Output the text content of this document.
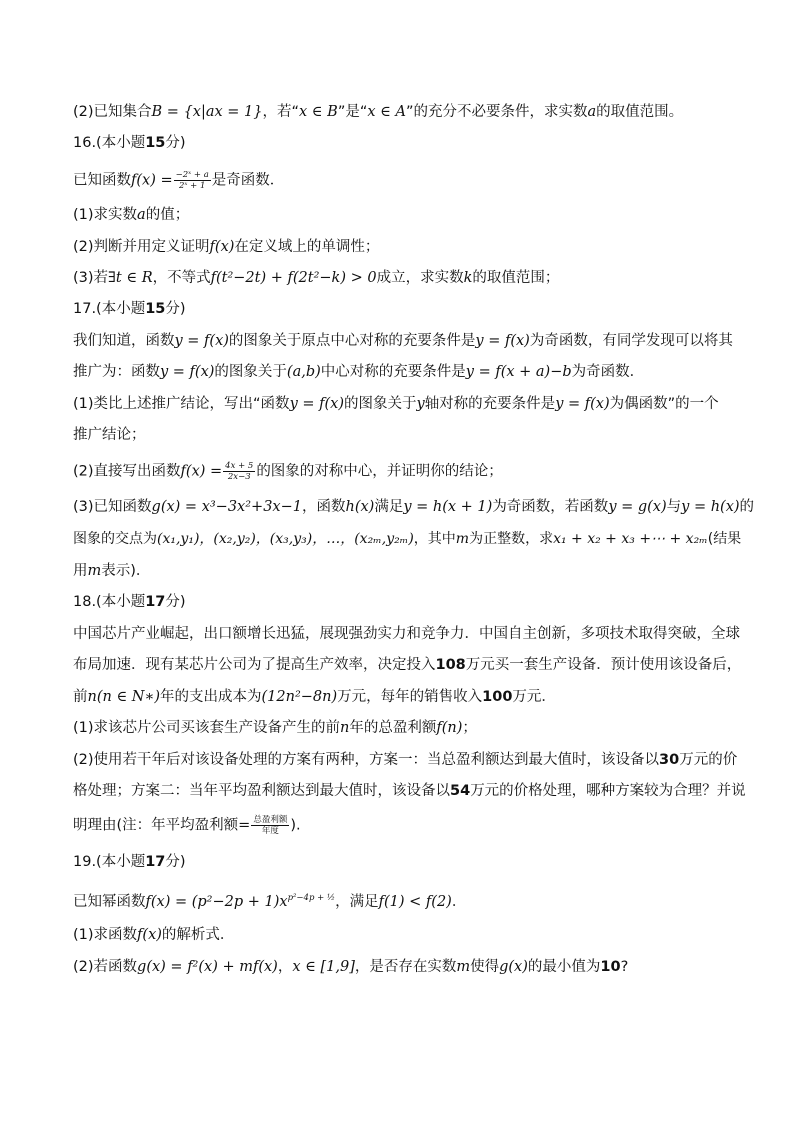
(2)已知集合B = {x|ax = 1}，若“x ∈ B”是“x ∈ A”的充分不必要条件，求实数a的取值范围。
16.(本小题15分)
已知函数$f(x) = \frac{\text{−2ˣ + a}}{\text{2ˣ + 1}}$ 是奇函数．
(1)求实数a的值；
(2)判断并用定义证明f(x)在定义域上的单调性；
(3)若∃t ∈ R，不等式f(t²−2t) + f(2t²−k) > 0成立，求实数k的取值范围；
17.(本小题15分)
我们知道，函数y = f(x)的图象关于原点中心对称的充要条件是y = f(x)为奇函数，有同学发现可以将其
推广为：函数y = f(x)的图象关于(a,b)中心对称的充要条件是y = f(x + a)−b为奇函数．
(1)类比上述推广结论，写出“函数y = f(x)的图象关于y轴对称的充要条件是y = f(x)为偶函数”的一个
推广结论；
(2)直接写出函数$f(x) = \frac{4x + 5}{2x-3}$ 的图象的对称中心，并证明你的结论；
(3)已知函数g(x) = x³−3x²+3x−1，函数h(x)满足y = h(x + 1)为奇函数，若函数y = g(x)与y = h(x)的
图象的交点为(x₁,y₁)，(x₂,y₂)，(x₃,y₃)，…，(x₂ₘ,y₂ₘ)，其中m为正整数，求x₁ + x₂ + x₃ +⋯ + x₂ₘ(结果
用m表示)．
18.(本小题17分)
中国芯片产业崛起，出口额增长迅猛，展现强劲实力和竞争力．中国自主创新，多项技术取得突破，全球
布局加速．现有某芯片公司为了提高生产效率，决定投入108万元买一套生产设备．预计使用该设备后，
前n(n ∈ N∗)年的支出成本为(12n²−8n)万元，每年的销售收入100万元．
(1)求该芯片公司买该套生产设备产生的前n年的总盈利额f(n)；
(2)使用若干年后对该设备处理的方案有两种，方案一：当总盈利额达到最大值时，该设备以30万元的价
格处理；方案二：当年平均盈利额达到最大值时，该设备以54万元的价格处理，哪种方案较为合理？并说
明理由(注：年平均盈利额= $\frac{\text{总盈利额}}{\text{年度}}$ ).
19.(本小题17分)
已知幂函数$f(x) = (p^2-2p + 1)x^{p^2-4p + \frac{1}{2}}$，满足f(1) < f(2)．
(1)求函数f(x)的解析式．
(2)若函数g(x) = f²(x) + mf(x)，x ∈ [1,9]，是否存在实数m使得g(x)的最小值为10?
